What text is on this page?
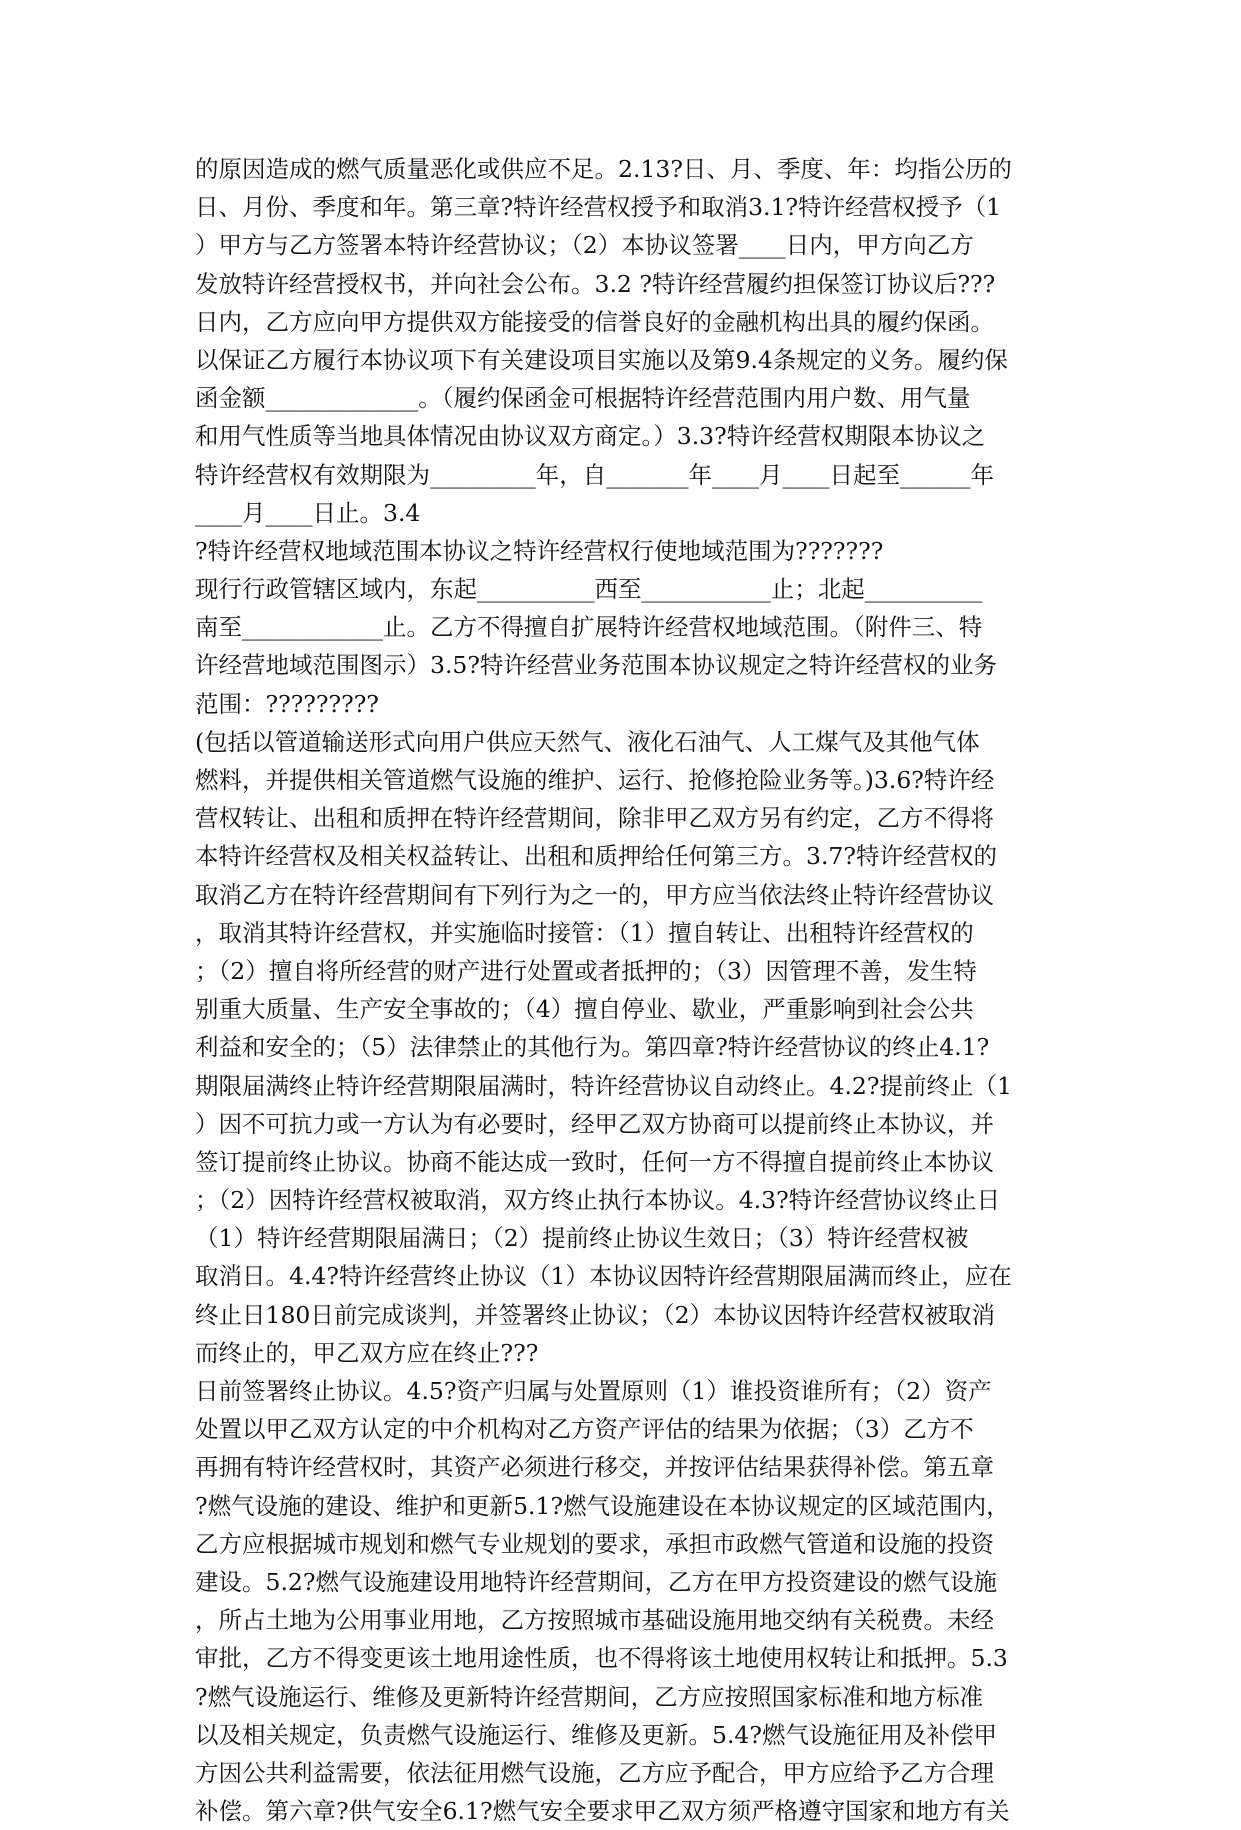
的原因造成的燃气质量恶化或供应不足。2.13?日、月、季度、年：均指公历的
日、月份、季度和年。第三章?特许经营权授予和取消3.1?特许经营权授予（1
）甲方与乙方签署本特许经营协议；（2）本协议签署____日内，甲方向乙方
发放特许经营授权书，并向社会公布。3.2 ?特许经营履约担保签订协议后???
日内，乙方应向甲方提供双方能接受的信誉良好的金融机构出具的履约保函。
以保证乙方履行本协议项下有关建设项目实施以及第9.4条规定的义务。履约保
函金额_____________。（履约保函金可根据特许经营范围内用户数、用气量
和用气性质等当地具体情况由协议双方商定。）3.3?特许经营权期限本协议之
特许经营权有效期限为_________年，自_______年____月____日起至______年
____月____日止。3.4
?特许经营权地域范围本协议之特许经营权行使地域范围为???????
现行行政管辖区域内，东起__________西至___________止；北起__________
南至____________止。乙方不得擅自扩展特许经营权地域范围。（附件三、特
许经营地域范围图示）3.5?特许经营业务范围本协议规定之特许经营权的业务
范围：?????????
(包括以管道输送形式向用户供应天然气、液化石油气、人工煤气及其他气体
燃料，并提供相关管道燃气设施的维护、运行、抢修抢险业务等。)3.6?特许经
营权转让、出租和质押在特许经营期间，除非甲乙双方另有约定，乙方不得将
本特许经营权及相关权益转让、出租和质押给任何第三方。3.7?特许经营权的
取消乙方在特许经营期间有下列行为之一的，甲方应当依法终止特许经营协议
，取消其特许经营权，并实施临时接管：（1）擅自转让、出租特许经营权的
；（2）擅自将所经营的财产进行处置或者抵押的；（3）因管理不善，发生特
别重大质量、生产安全事故的；（4）擅自停业、歇业，严重影响到社会公共
利益和安全的；（5）法律禁止的其他行为。第四章?特许经营协议的终止4.1?
期限届满终止特许经营期限届满时，特许经营协议自动终止。4.2?提前终止（1
）因不可抗力或一方认为有必要时，经甲乙双方协商可以提前终止本协议，并
签订提前终止协议。协商不能达成一致时，任何一方不得擅自提前终止本协议
；（2）因特许经营权被取消，双方终止执行本协议。4.3?特许经营协议终止日
（1）特许经营期限届满日；（2）提前终止协议生效日；（3）特许经营权被
取消日。4.4?特许经营终止协议（1）本协议因特许经营期限届满而终止，应在
终止日180日前完成谈判，并签署终止协议；（2）本协议因特许经营权被取消
而终止的，甲乙双方应在终止???
日前签署终止协议。4.5?资产归属与处置原则（1）谁投资谁所有；（2）资产
处置以甲乙双方认定的中介机构对乙方资产评估的结果为依据；（3）乙方不
再拥有特许经营权时，其资产必须进行移交，并按评估结果获得补偿。第五章
?燃气设施的建设、维护和更新5.1?燃气设施建设在本协议规定的区域范围内，
乙方应根据城市规划和燃气专业规划的要求，承担市政燃气管道和设施的投资
建设。5.2?燃气设施建设用地特许经营期间，乙方在甲方投资建设的燃气设施
，所占土地为公用事业用地，乙方按照城市基础设施用地交纳有关税费。未经
审批，乙方不得变更该土地用途性质，也不得将该土地使用权转让和抵押。5.3
?燃气设施运行、维修及更新特许经营期间，乙方应按照国家标准和地方标准
以及相关规定，负责燃气设施运行、维修及更新。5.4?燃气设施征用及补偿甲
方因公共利益需要，依法征用燃气设施，乙方应予配合，甲方应给予乙方合理
补偿。第六章?供气安全6.1?燃气安全要求甲乙双方须严格遵守国家和地方有关
